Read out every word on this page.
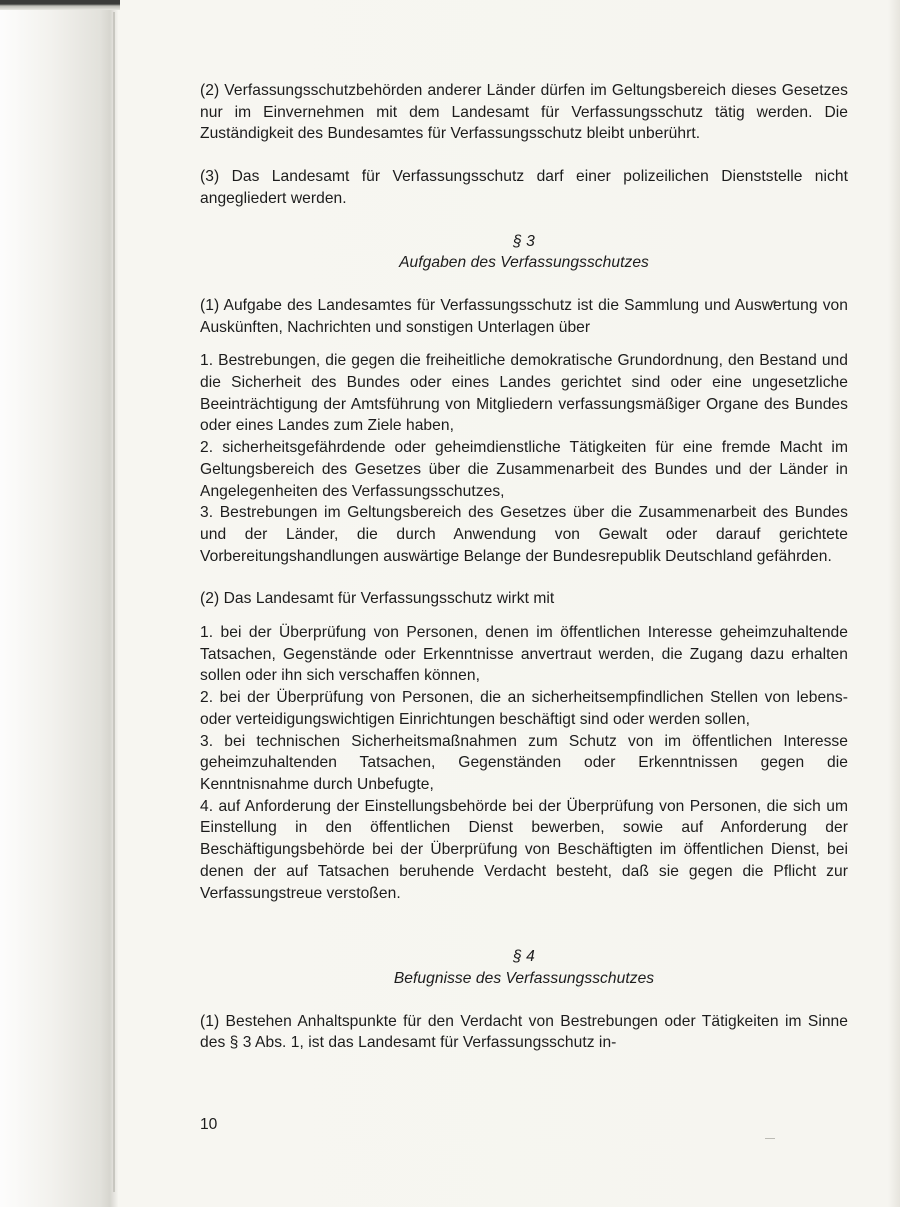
(2) Verfassungsschutzbehörden anderer Länder dürfen im Geltungsbereich dieses Gesetzes nur im Einvernehmen mit dem Landesamt für Verfassungsschutz tätig werden. Die Zuständigkeit des Bundesamtes für Verfassungsschutz bleibt unberührt.

(3) Das Landesamt für Verfassungsschutz darf einer polizeilichen Dienststelle nicht angegliedert werden.

§ 3

Aufgaben des Verfassungsschutzes

(1) Aufgabe des Landesamtes für Verfassungsschutz ist die Sammlung und Auswertung von Auskünften, Nachrichten und sonstigen Unterlagen über

1. Bestrebungen, die gegen die freiheitliche demokratische Grundordnung, den Bestand und die Sicherheit des Bundes oder eines Landes gerichtet sind oder eine ungesetzliche Beeinträchtigung der Amtsführung von Mitgliedern verfassungsmäßiger Organe des Bundes oder eines Landes zum Ziele haben,

2. sicherheitsgefährdende oder geheimdienstliche Tätigkeiten für eine fremde Macht im Geltungsbereich des Gesetzes über die Zusammenarbeit des Bundes und der Länder in Angelegenheiten des Verfassungsschutzes,

3. Bestrebungen im Geltungsbereich des Gesetzes über die Zusammenarbeit des Bundes und der Länder, die durch Anwendung von Gewalt oder darauf gerichtete Vorbereitungshandlungen auswärtige Belange der Bundesrepublik Deutschland gefährden.

(2) Das Landesamt für Verfassungsschutz wirkt mit

1. bei der Überprüfung von Personen, denen im öffentlichen Interesse geheimzuhaltende Tatsachen, Gegenstände oder Erkenntnisse anvertraut werden, die Zugang dazu erhalten sollen oder ihn sich verschaffen können,

2. bei der Überprüfung von Personen, die an sicherheitsempfindlichen Stellen von lebens- oder verteidigungswichtigen Einrichtungen beschäftigt sind oder werden sollen,

3. bei technischen Sicherheitsmaßnahmen zum Schutz von im öffentlichen Interesse geheimzuhaltenden Tatsachen, Gegenständen oder Erkenntnissen gegen die Kenntnisnahme durch Unbefugte,

4. auf Anforderung der Einstellungsbehörde bei der Überprüfung von Personen, die sich um Einstellung in den öffentlichen Dienst bewerben, sowie auf Anforderung der Beschäftigungsbehörde bei der Überprüfung von Beschäftigten im öffentlichen Dienst, bei denen der auf Tatsachen beruhende Verdacht besteht, daß sie gegen die Pflicht zur Verfassungstreue verstoßen.

§ 4

Befugnisse des Verfassungsschutzes

(1) Bestehen Anhaltspunkte für den Verdacht von Bestrebungen oder Tätigkeiten im Sinne des § 3 Abs. 1, ist das Landesamt für Verfassungsschutz in-

10
